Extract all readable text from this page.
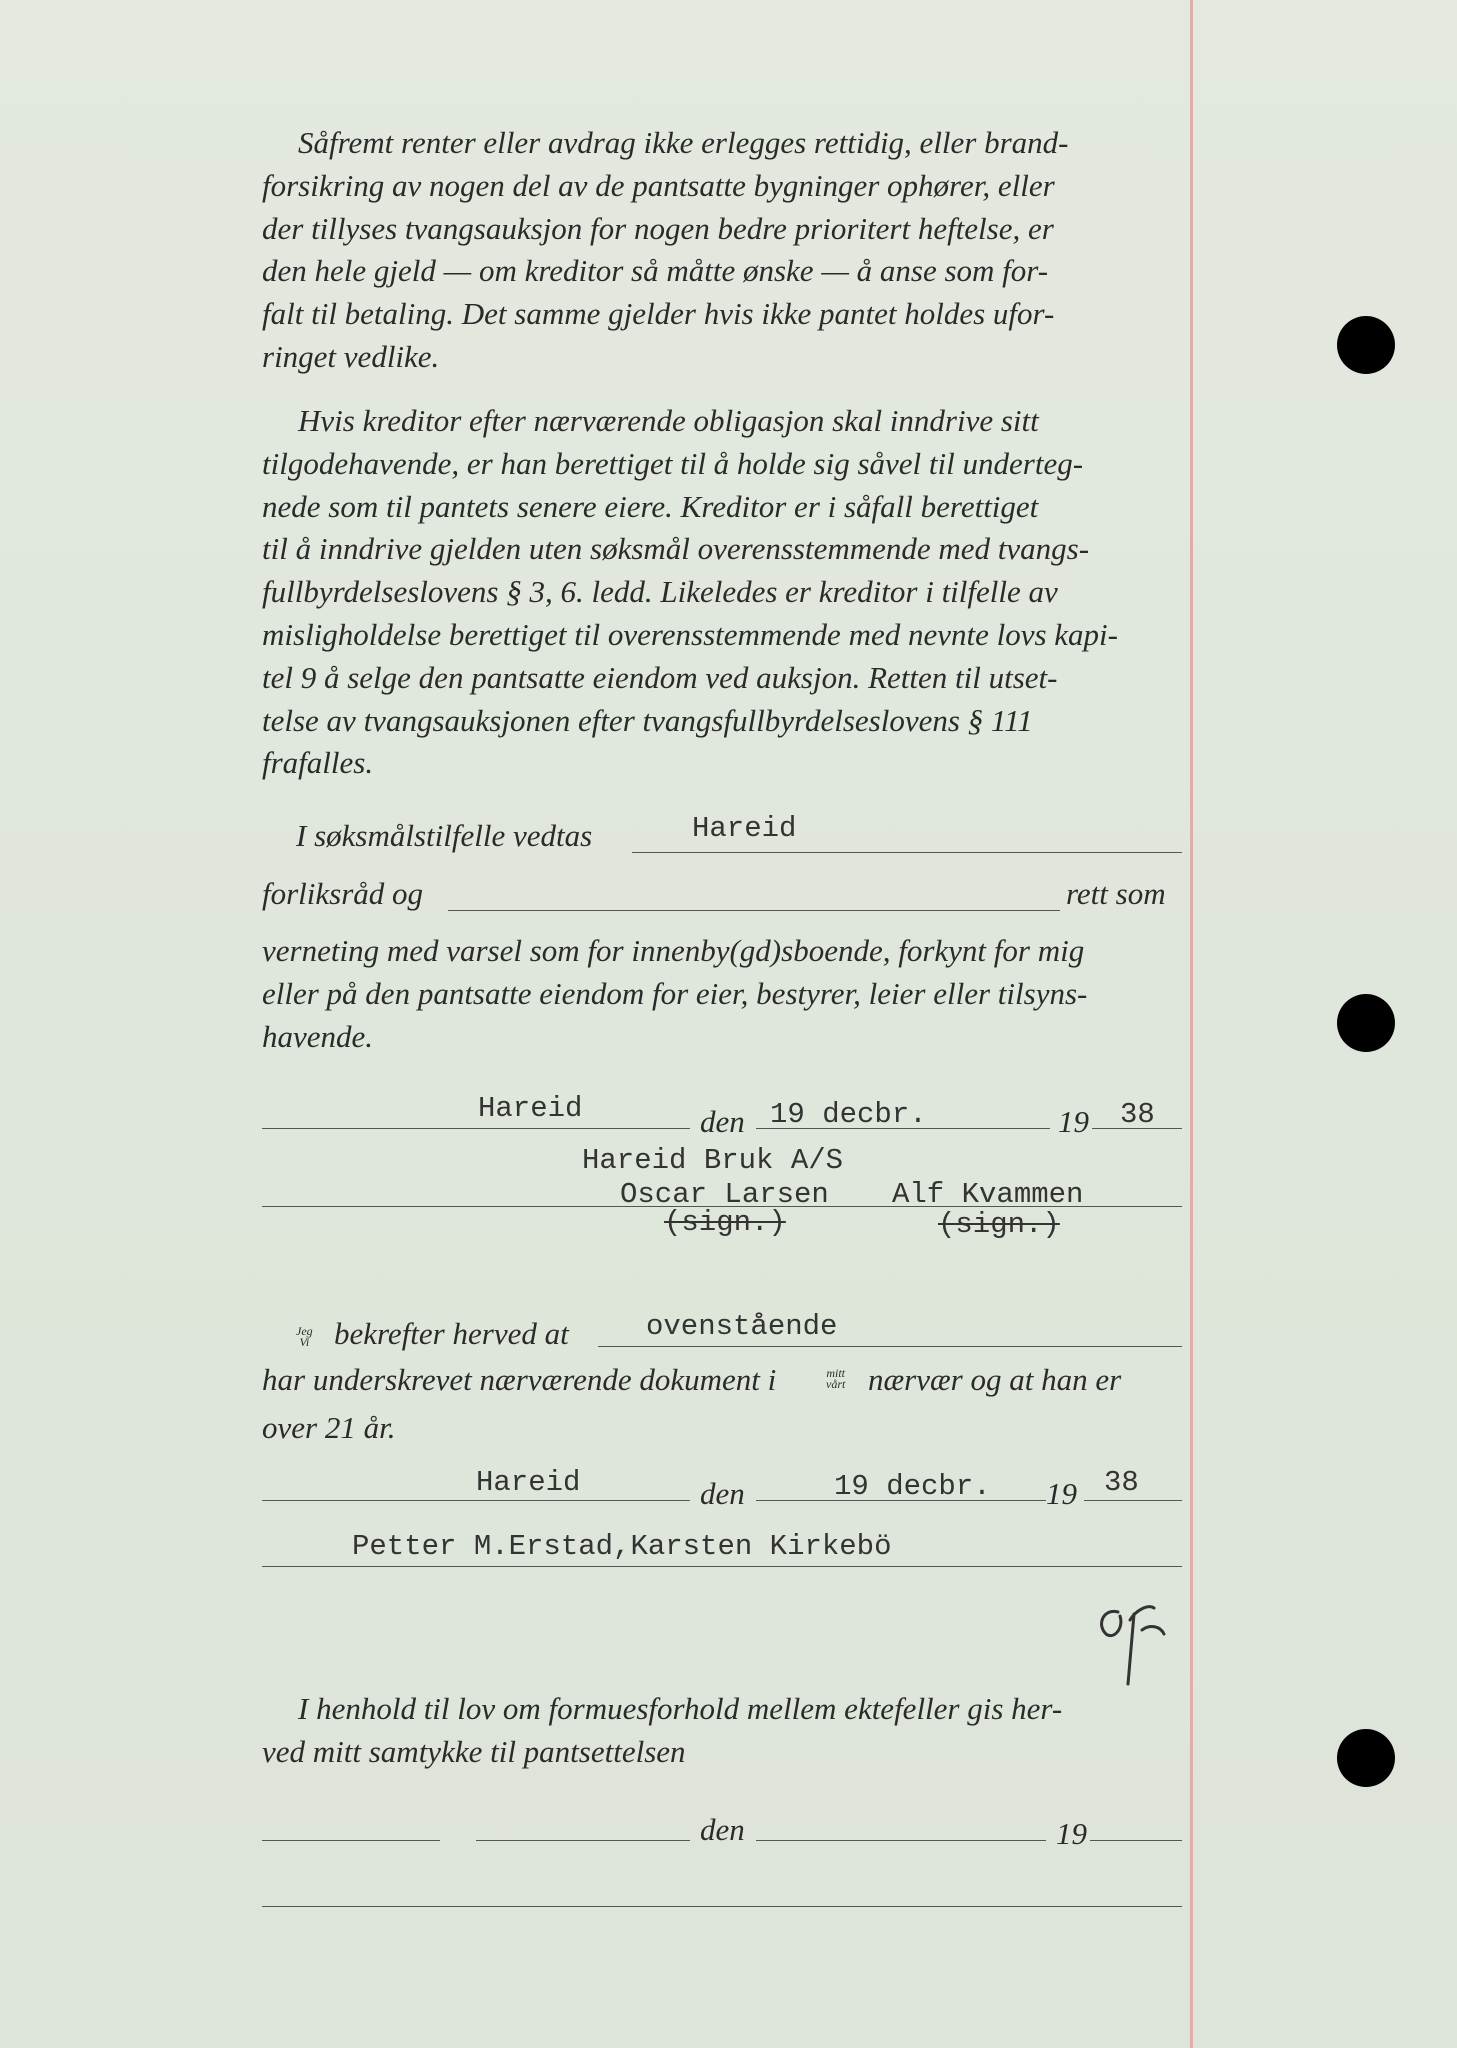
Såfremt renter eller avdrag ikke erlegges rettidig, eller brand-
forsikring av nogen del av de pantsatte bygninger ophører, eller
der tillyses tvangsauksjon for nogen bedre prioritert heftelse, er
den hele gjeld — om kreditor så måtte ønske — å anse som for-
falt til betaling. Det samme gjelder hvis ikke pantet holdes ufor-
ringet vedlike.
Hvis kreditor efter nærværende obligasjon skal inndrive sitt
tilgodehavende, er han berettiget til å holde sig såvel til underteg-
nede som til pantets senere eiere. Kreditor er i såfall berettiget
til å inndrive gjelden uten søksmål overensstemmende med tvangs-
fullbyrdelseslovens § 3, 6. ledd. Likeledes er kreditor i tilfelle av
misligholdelse berettiget til overensstemmende med nevnte lovs kapi-
tel 9 å selge den pantsatte eiendom ved auksjon. Retten til utset-
telse av tvangsauksjonen efter tvangsfullbyrdelseslovens § 111
frafalles.
I søksmålstilfelle vedtas	Hareid
forliksråd og	rett som
verneting med varsel som for innenby(gd)sboende, forkynt for mig
eller på den pantsatte eiendom for eier, bestyrer, leier eller tilsyns-
havende.
Hareid	den 19 decbr.	19 38
Hareid Bruk A/S
Oscar Larsen Alf Kvammen
(sign.)	(sign.)
Jeg
Vi bekrefter herved at	ovenstående
har underskrevet nærværende dokument i	mitt
vårt nærvær og at han er
over 21 år.
Hareid	den	19 decbr. 19 38
Petter M.Erstad,Karsten Kirkebö
I henhold til lov om formuesforhold mellem ektefeller gis her-
ved mitt samtykke til pantsettelsen
den	19
